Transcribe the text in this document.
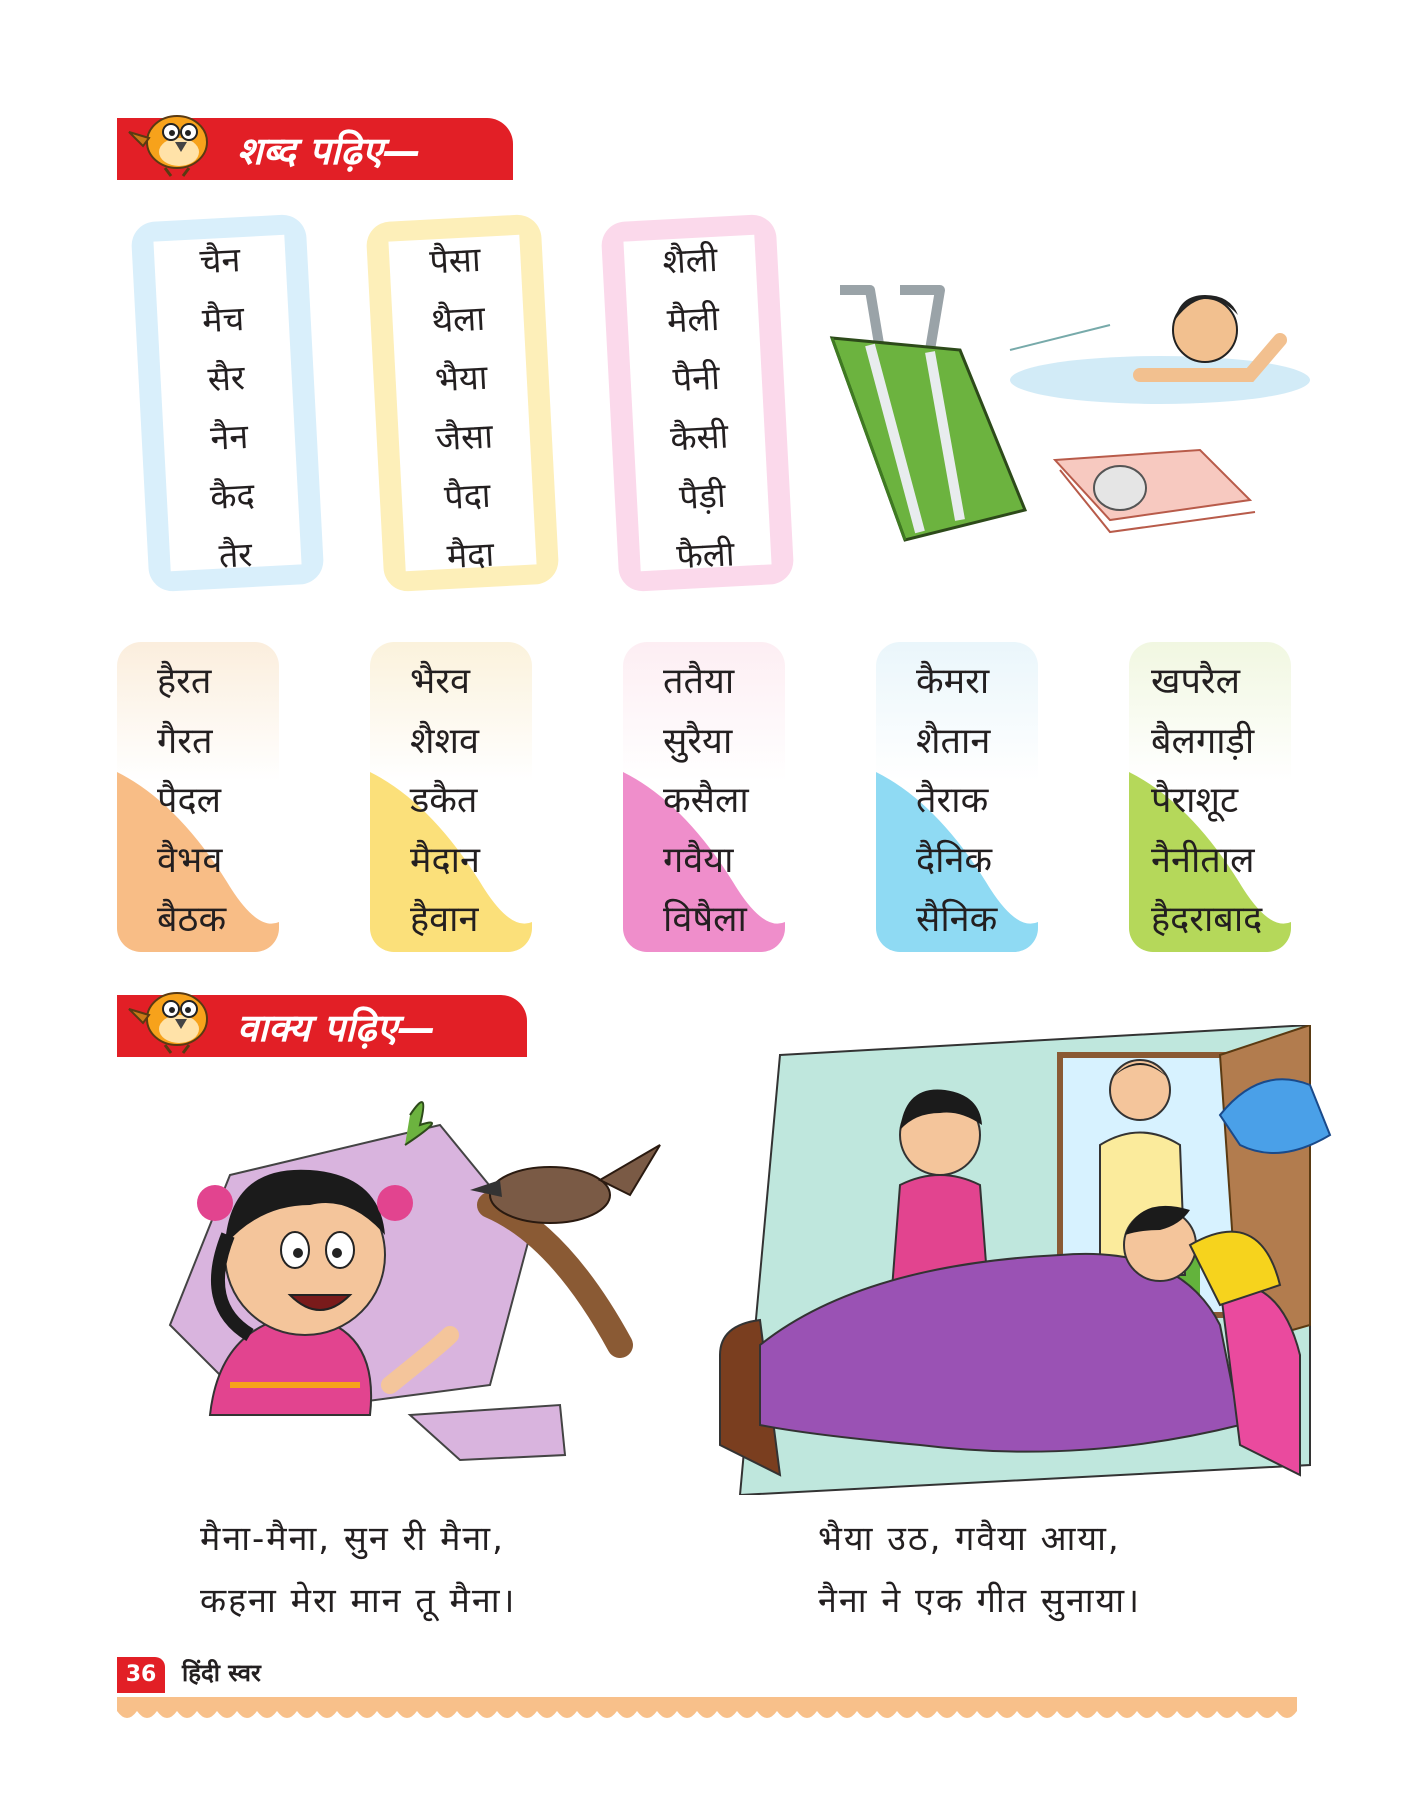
शब्द पढ़िए—
चैन
मैच
सैर
नैन
कैद
तैर
पैसा
थैला
भैया
जैसा
पैदा
मैदा
शैली
मैली
पैनी
कैसी
पैड़ी
फैली
हैरत
गैरत
पैदल
वैभव
बैठक
भैरव
शैशव
डकैत
मैदान
हैवान
ततैया
सुरैया
कसैला
गवैया
विषैला
कैमरा
शैतान
तैराक
दैनिक
सैनिक
खपरैल
बैलगाड़ी
पैराशूट
नैनीताल
हैदराबाद
वाक्य पढ़िए—
मैना-मैना, सुन री मैना,
कहना मेरा मान तू मैना।
भैया उठ, गवैया आया,
नैना ने एक गीत सुनाया।
36	हिंदी स्वर
